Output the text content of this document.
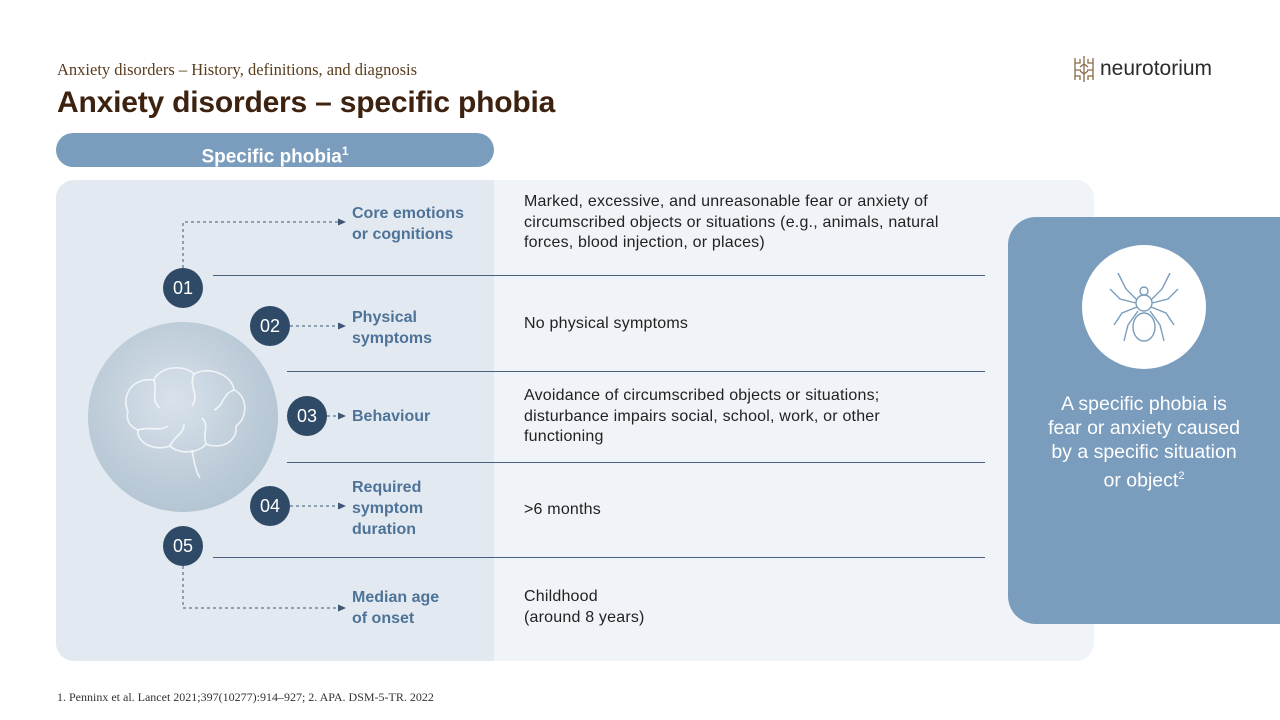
Anxiety disorders – History, definitions, and diagnosis
Anxiety disorders – specific phobia
neurotorium
Specific phobia$^1$
01
Core emotions
or cognitions
Marked, excessive, and unreasonable fear or anxiety of
circumscribed objects or situations (e.g., animals, natural
forces, blood injection, or places)
02	Physical
symptoms
No physical symptoms
03	Behaviour
Avoidance of circumscribed objects or situations;
disturbance impairs social, school, work, or other
functioning
04
Required
symptom
duration
>6 months
05
Median age
of onset
Childhood
(around 8 years)
A specific phobia is
fear or anxiety caused
by a specific situation
or object$^2$
1. Penninx et al. Lancet 2021;397(10277):914–927; 2. APA. DSM-5-TR. 2022
